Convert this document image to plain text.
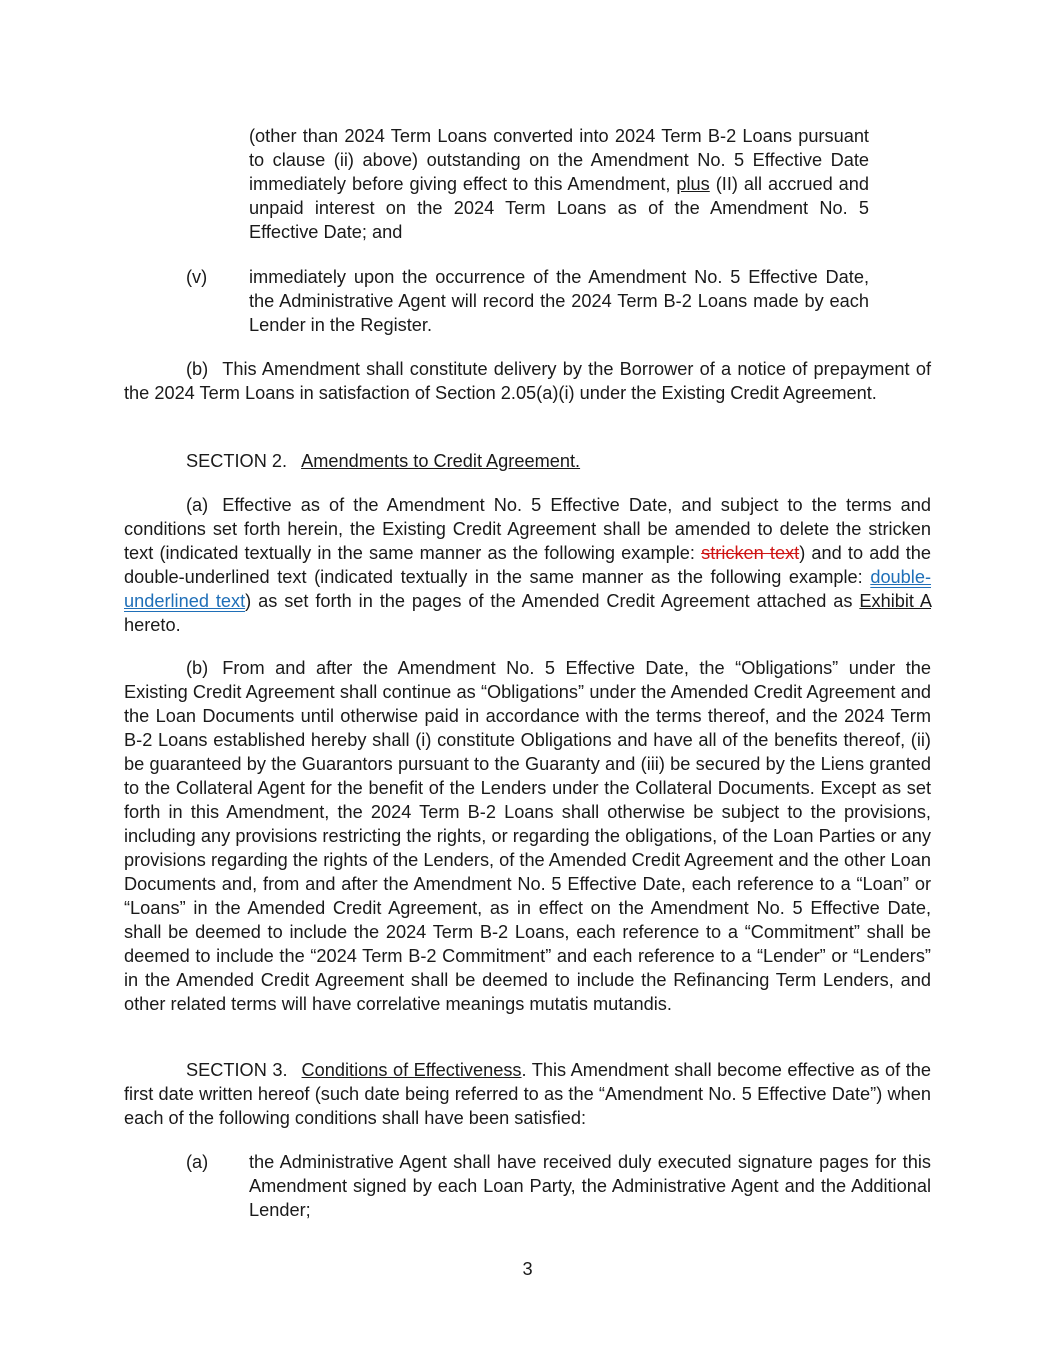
(other than 2024 Term Loans converted into 2024 Term B-2 Loans pursuant to clause (ii) above) outstanding on the Amendment No. 5 Effective Date immediately before giving effect to this Amendment, plus (II) all accrued and unpaid interest on the 2024 Term Loans as of the Amendment No. 5 Effective Date; and

(v) immediately upon the occurrence of the Amendment No. 5 Effective Date, the Administrative Agent will record the 2024 Term B-2 Loans made by each Lender in the Register.

(b) This Amendment shall constitute delivery by the Borrower of a notice of prepayment of the 2024 Term Loans in satisfaction of Section 2.05(a)(i) under the Existing Credit Agreement.

SECTION 2. Amendments to Credit Agreement.

(a) Effective as of the Amendment No. 5 Effective Date, and subject to the terms and conditions set forth herein, the Existing Credit Agreement shall be amended to delete the stricken text (indicated textually in the same manner as the following example: stricken text) and to add the double-underlined text (indicated textually in the same manner as the following example: double-underlined text) as set forth in the pages of the Amended Credit Agreement attached as Exhibit A hereto.

(b) From and after the Amendment No. 5 Effective Date, the “Obligations” under the Existing Credit Agreement shall continue as “Obligations” under the Amended Credit Agreement and the Loan Documents until otherwise paid in accordance with the terms thereof, and the 2024 Term B-2 Loans established hereby shall (i) constitute Obligations and have all of the benefits thereof, (ii) be guaranteed by the Guarantors pursuant to the Guaranty and (iii) be secured by the Liens granted to the Collateral Agent for the benefit of the Lenders under the Collateral Documents. Except as set forth in this Amendment, the 2024 Term B-2 Loans shall otherwise be subject to the provisions, including any provisions restricting the rights, or regarding the obligations, of the Loan Parties or any provisions regarding the rights of the Lenders, of the Amended Credit Agreement and the other Loan Documents and, from and after the Amendment No. 5 Effective Date, each reference to a “Loan” or “Loans” in the Amended Credit Agreement, as in effect on the Amendment No. 5 Effective Date, shall be deemed to include the 2024 Term B-2 Loans, each reference to a “Commitment” shall be deemed to include the “2024 Term B-2 Commitment” and each reference to a “Lender” or “Lenders” in the Amended Credit Agreement shall be deemed to include the Refinancing Term Lenders, and other related terms will have correlative meanings mutatis mutandis.

SECTION 3. Conditions of Effectiveness. This Amendment shall become effective as of the first date written hereof (such date being referred to as the “Amendment No. 5 Effective Date”) when each of the following conditions shall have been satisfied:

(a) the Administrative Agent shall have received duly executed signature pages for this Amendment signed by each Loan Party, the Administrative Agent and the Additional Lender;

3
